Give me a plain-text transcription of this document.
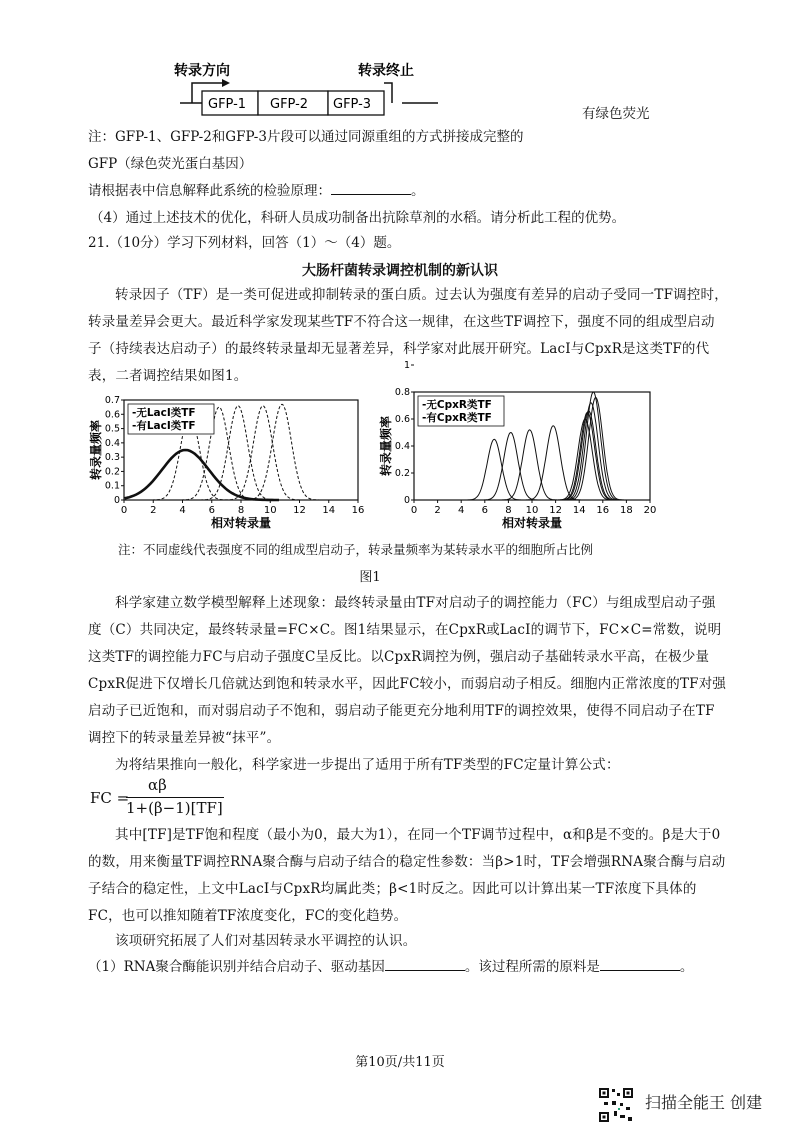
转录方向	转录终止
GFP-1 GFP-2 GFP-3
有绿色荧光
注：GFP-1、GFP-2和GFP-3片段可以通过同源重组的方式拼接成完整的
GFP（绿色荧光蛋白基因）
请根据表中信息解释此系统的检验原理：	。
（4）通过上述技术的优化，科研人员成功制备出抗除草剂的水稻。请分析此工程的优势。
21.（10分）学习下列材料，回答（1）～（4）题。
大肠杆菌转录调控机制的新认识
转录因子（TF）是一类可促进或抑制转录的蛋白质。过去认为强度有差异的启动子受同一TF调控时，转录量差异会更大。最近科学家发现某些TF不符合这一规律，在这些TF调控下，强度不同的组成型启动子（持续表达启动子）的最终转录量却无显著差异，科学家对此展开研究。LacI与CpxR是这类TF的代表，二者调控结果如图1。
0 2 4 6 8 10 12 14 16
0
0.1
0.2
0.3
0.4
0.5
0.6
0.7
相对转录量
转录量频率
-无LacI类TF
-有LacI类TF
0 2 4 6 8 10 12 14 16 18 20
0
0.2
0.4
0.6
0.8
1
相对转录量
转录量频率
-无CpxR类TF
-有CpxR类TF
注：不同虚线代表强度不同的组成型启动子，转录量频率为某转录水平的细胞所占比例
图1
科学家建立数学模型解释上述现象：最终转录量由TF对启动子的调控能力（FC）与组成型启动子强度（C）共同决定，最终转录量=FC×C。图1结果显示，在CpxR或LacI的调节下，FC×C=常数，说明这类TF的调控能力FC与启动子强度C呈反比。以CpxR调控为例，强启动子基础转录水平高，在极少量CpxR促进下仅增长几倍就达到饱和转录水平，因此FC较小，而弱启动子相反。细胞内正常浓度的TF对强启动子已近饱和，而对弱启动子不饱和，弱启动子能更充分地利用TF的调控效果，使得不同启动子在TF调控下的转录量差异被“抹平”。
为将结果推向一般化，科学家进一步提出了适用于所有TF类型的FC定量计算公式：
FC =
αβ
1+(β−1)[TF]
其中[TF]是TF饱和程度（最小为0，最大为1），在同一个TF调节过程中，α和β是不变的。β是大于0的数，用来衡量TF调控RNA聚合酶与启动子结合的稳定性参数：当β>1时，TF会增强RNA聚合酶与启动子结合的稳定性，上文中LacI与CpxR均属此类；β<1时反之。因此可以计算出某一TF浓度下具体的FC，也可以推知随着TF浓度变化，FC的变化趋势。
该项研究拓展了人们对基因转录水平调控的认识。
（1）RNA聚合酶能识别并结合启动子、驱动基因	。该过程所需的原料是	。
第10页/共11页
扫描全能王 创建
